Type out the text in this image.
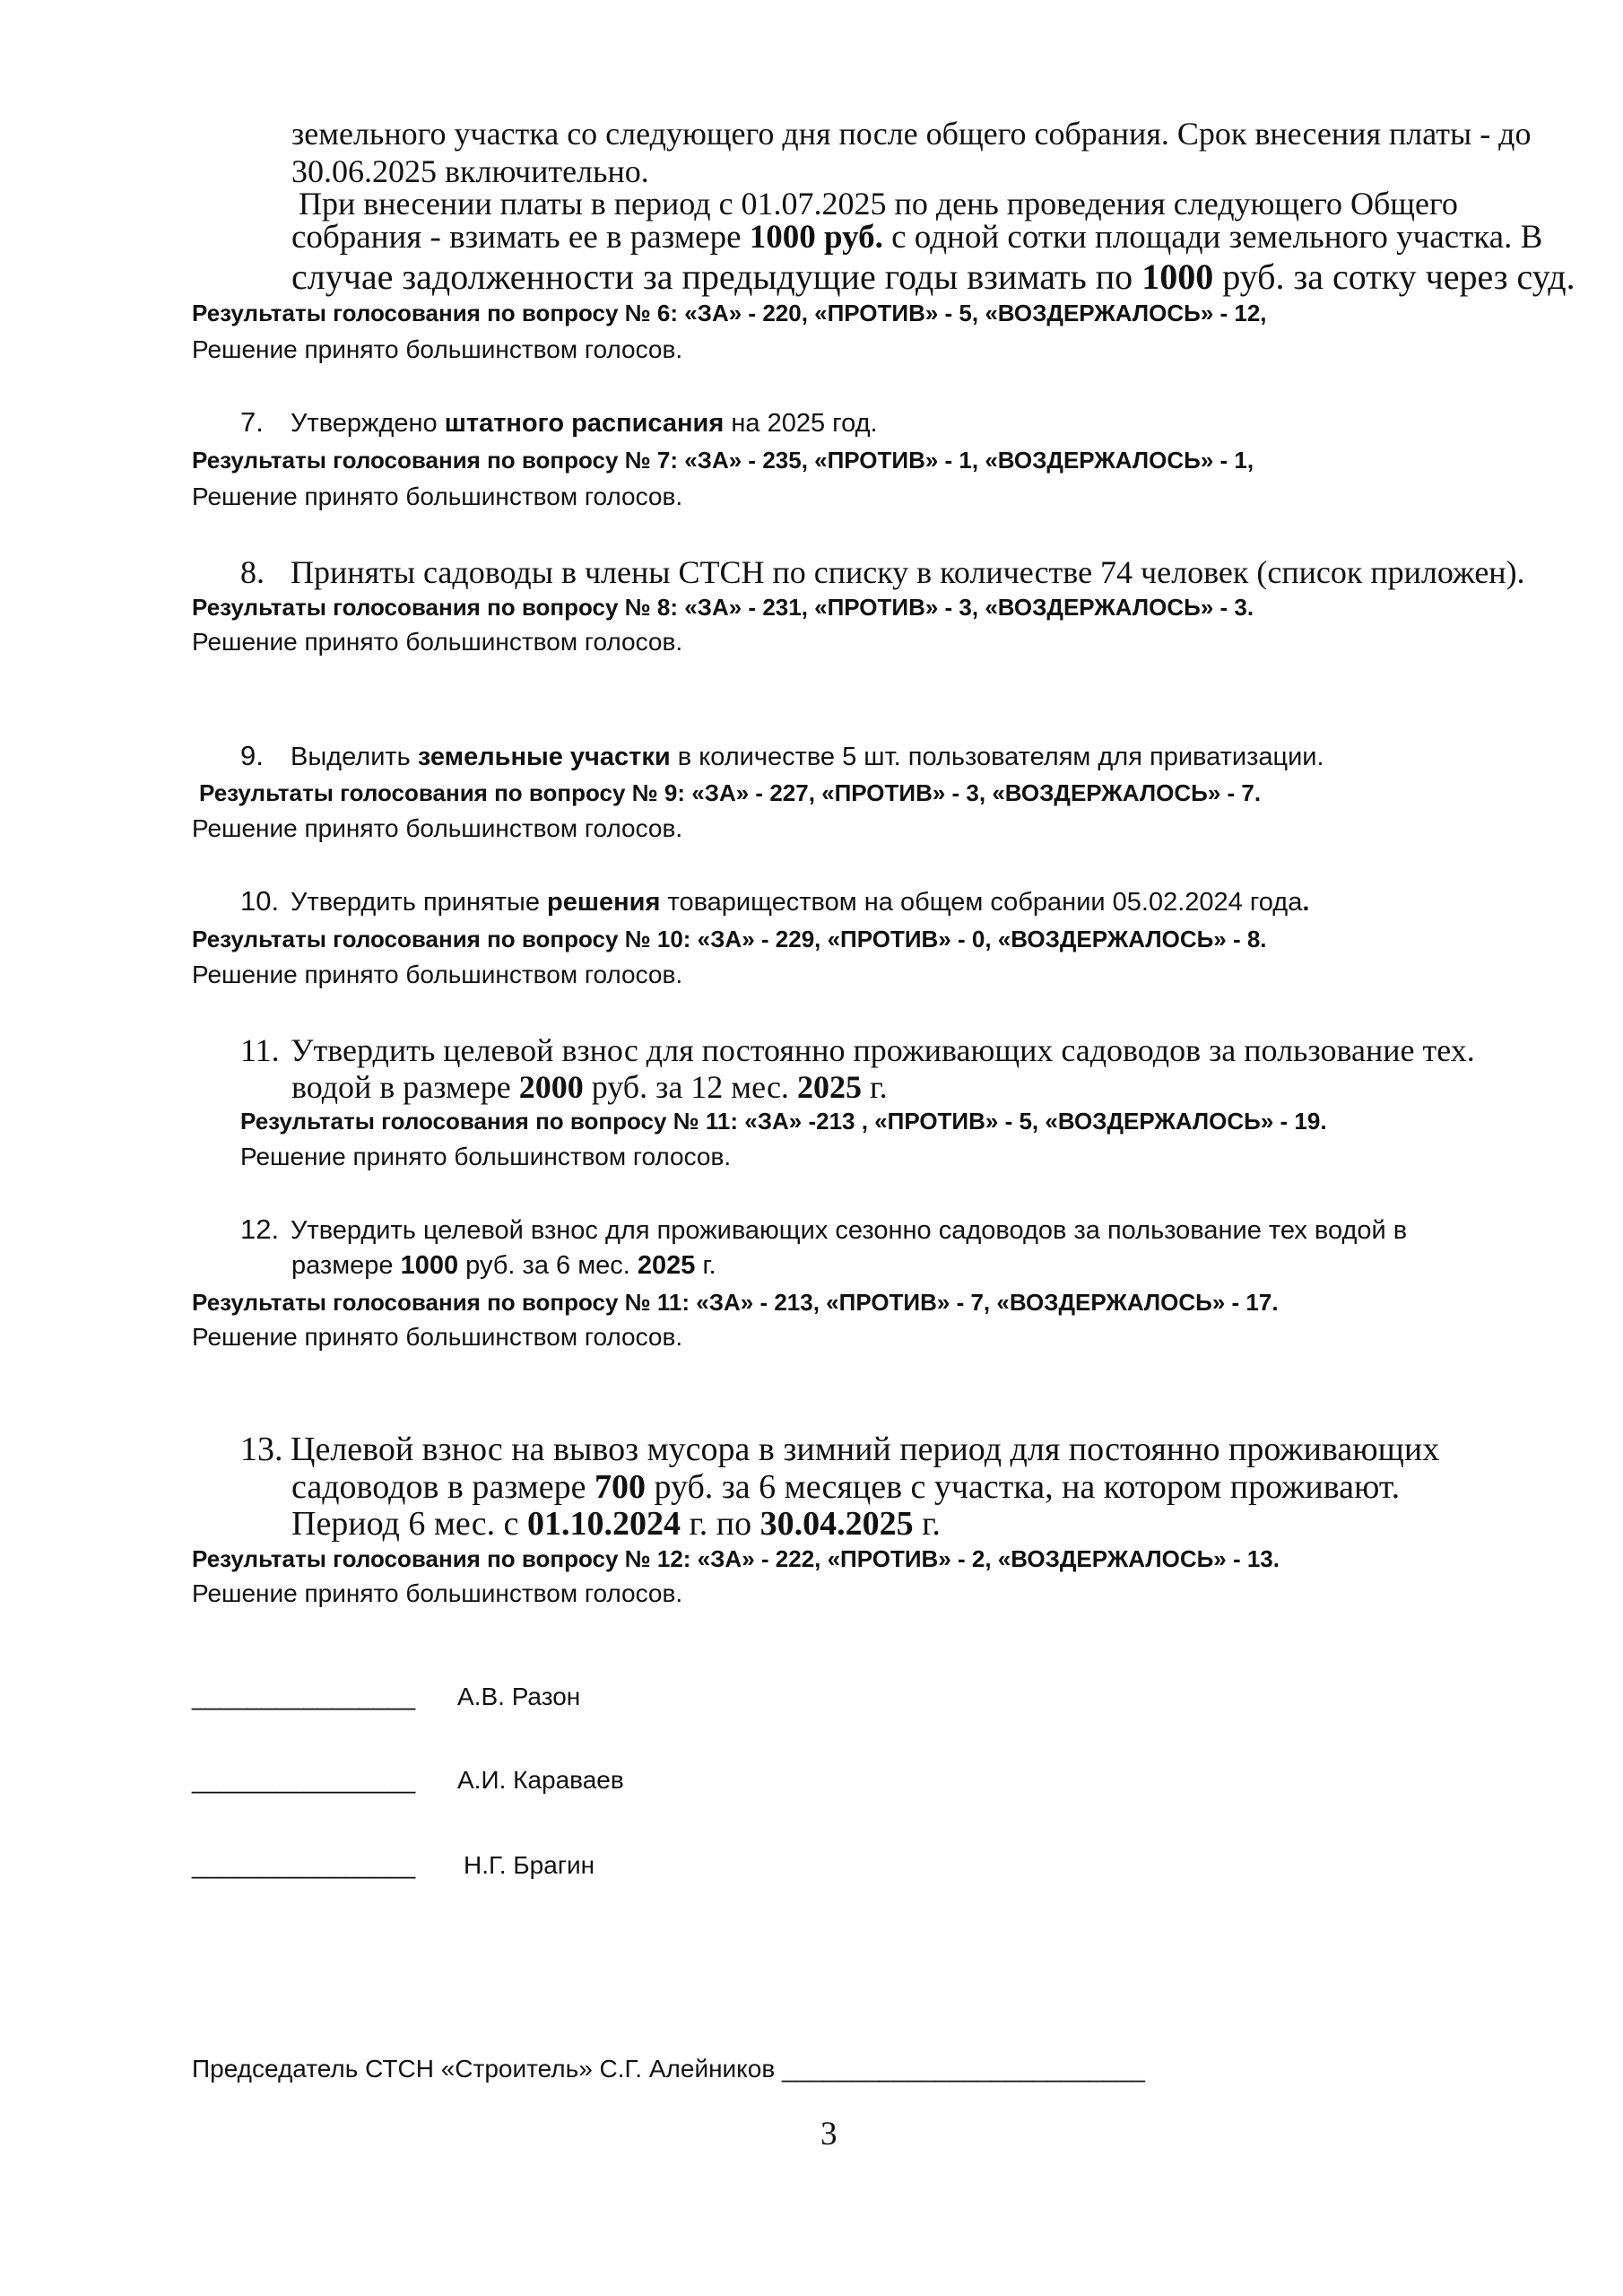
земельного участка со следующего дня после общего собрания. Срок внесения платы - до
30.06.2025 включительно.
При внесении платы в период с 01.07.2025 по день проведения следующего Общего
собрания - взимать ее в размере 1000 руб. с одной сотки площади земельного участка. В
случае задолженности за предыдущие годы взимать по 1000 руб. за сотку через суд.
Результаты голосования по вопросу № 6: «ЗА» - 220, «ПРОТИВ» - 5, «ВОЗДЕРЖАЛОСЬ» - 12,
Решение принято большинством голосов.
7. Утверждено штатного расписания на 2025 год.
Результаты голосования по вопросу № 7: «ЗА» - 235, «ПРОТИВ» - 1, «ВОЗДЕРЖАЛОСЬ» - 1,
Решение принято большинством голосов.
8. Приняты садоводы в члены СТСН по списку в количестве 74 человек (список приложен).
Результаты голосования по вопросу № 8: «ЗА» - 231, «ПРОТИВ» - 3, «ВОЗДЕРЖАЛОСЬ» - 3.
Решение принято большинством голосов.
9. Выделить земельные участки в количестве 5 шт. пользователям для приватизации.
Результаты голосования по вопросу № 9: «ЗА» - 227, «ПРОТИВ» - 3, «ВОЗДЕРЖАЛОСЬ» - 7.
Решение принято большинством голосов.
10. Утвердить принятые решения товариществом на общем собрании 05.02.2024 года.
Результаты голосования по вопросу № 10: «ЗА» - 229, «ПРОТИВ» - 0, «ВОЗДЕРЖАЛОСЬ» - 8.
Решение принято большинством голосов.
11. Утвердить целевой взнос для постоянно проживающих садоводов за пользование тех.
водой в размере 2000 руб. за 12 мес. 2025 г.
Результаты голосования по вопросу № 11: «ЗА» -213 , «ПРОТИВ» - 5, «ВОЗДЕРЖАЛОСЬ» - 19.
Решение принято большинством голосов.
12. Утвердить целевой взнос для проживающих сезонно садоводов за пользование тех водой в
размере 1000 руб. за 6 мес. 2025 г.
Результаты голосования по вопросу № 11: «ЗА» - 213, «ПРОТИВ» - 7, «ВОЗДЕРЖАЛОСЬ» - 17.
Решение принято большинством голосов.
13. Целевой взнос на вывоз мусора в зимний период для постоянно проживающих
садоводов в размере 700 руб. за 6 месяцев с участка, на котором проживают.
Период 6 мес. с 01.10.2024 г. по 30.04.2025 г.
Результаты голосования по вопросу № 12: «ЗА» - 222, «ПРОТИВ» - 2, «ВОЗДЕРЖАЛОСЬ» - 13.
Решение принято большинством голосов.
________________ А.В. Разон
________________ А.И. Караваев
________________ Н.Г. Брагин
Председатель СТСН «Строитель» С.Г. Алейников __________________________
3
